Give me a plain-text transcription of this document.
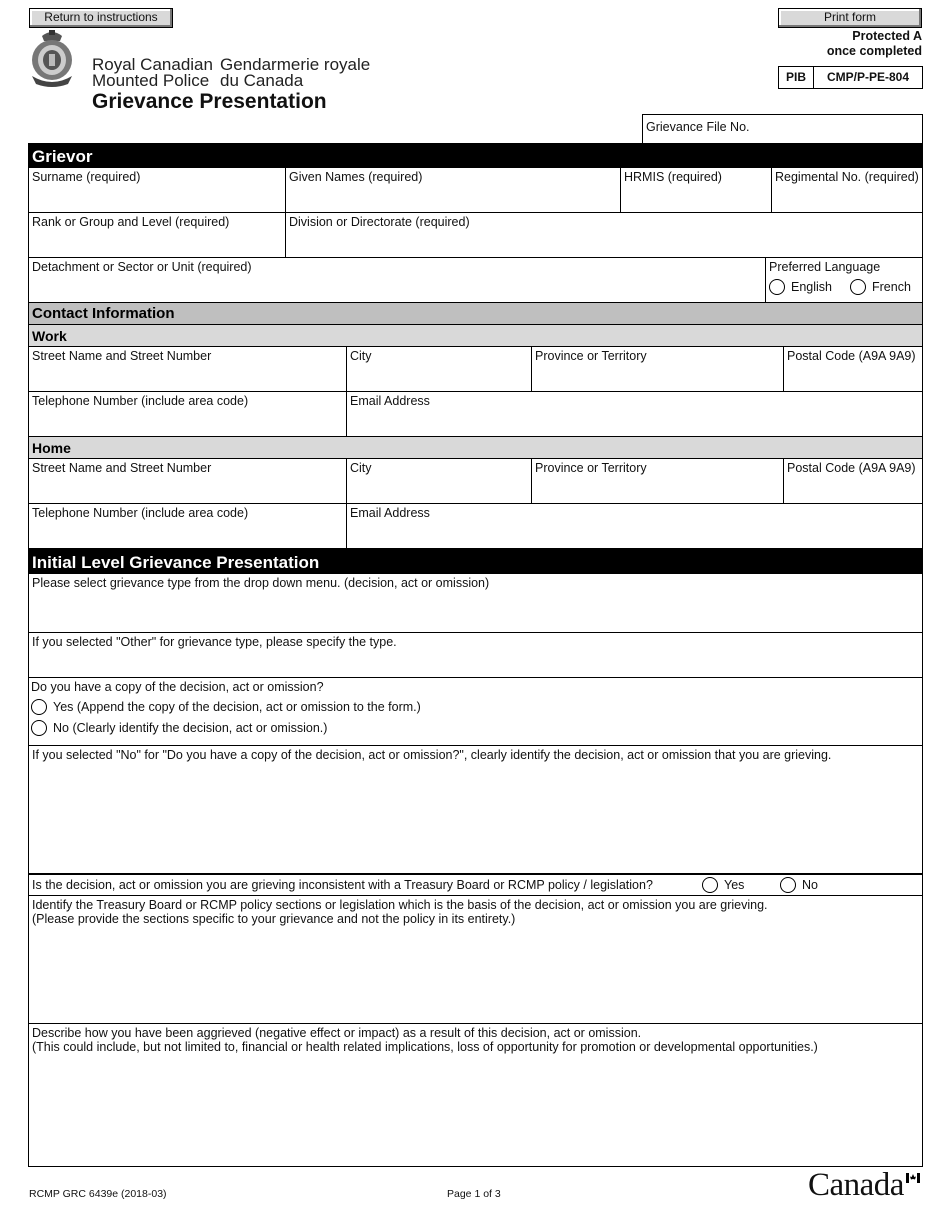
Return to instructions	Print form
Protected A
once completed
PIB	CMP/P-PE-804
Royal Canadian
Mounted Police
Gendarmerie royale
du Canada
Grievance Presentation
Grievance File No.
Grievor
Surname (required)	Given Names (required)	HRMIS (required)	Regimental No. (required)
Rank or Group and Level (required)	Division or Directorate (required)
Detachment or Sector or Unit (required)	Preferred Language
English	French
Contact Information
Work
Street Name and Street Number	City	Province or Territory	Postal Code (A9A 9A9)
Telephone Number (include area code)	Email Address
Home
Street Name and Street Number	City	Province or Territory	Postal Code (A9A 9A9)
Telephone Number (include area code)	Email Address
Initial Level Grievance Presentation
Please select grievance type from the drop down menu. (decision, act or omission)
If you selected "Other" for grievance type, please specify the type.
Do you have a copy of the decision, act or omission?
Yes (Append the copy of the decision, act or omission to the form.)
No (Clearly identify the decision, act or omission.)
If you selected "No" for "Do you have a copy of the decision, act or omission?", clearly identify the decision, act or omission that you are grieving.
Is the decision, act or omission you are grieving inconsistent with a Treasury Board or RCMP policy / legislation?	Yes	No
Identify the Treasury Board or RCMP policy sections or legislation which is the basis of the decision, act or omission you are grieving.
(Please provide the sections specific to your grievance and not the policy in its entirety.)
Describe how you have been aggrieved (negative effect or impact) as a result of this decision, act or omission.
(This could include, but not limited to, financial or health related implications, loss of opportunity for promotion or developmental opportunities.)
RCMP GRC 6439e (2018-03)	Page 1 of 3	Canada
